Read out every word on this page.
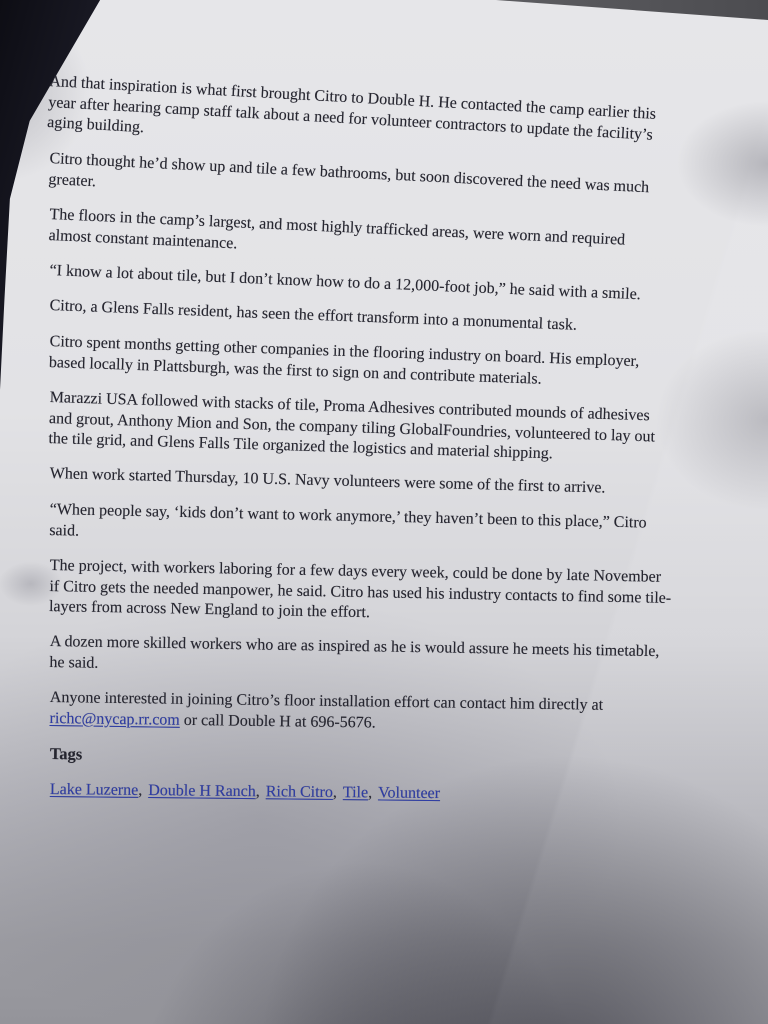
And that inspiration is what first brought Citro to Double H. He contacted the camp earlier this
year after hearing camp staff talk about a need for volunteer contractors to update the facility’s
aging building.

Citro thought he’d show up and tile a few bathrooms, but soon discovered the need was much
greater.

The floors in the camp’s largest, and most highly trafficked areas, were worn and required
almost constant maintenance.

“I know a lot about tile, but I don’t know how to do a 12,000-foot job,” he said with a smile.

Citro, a Glens Falls resident, has seen the effort transform into a monumental task.

Citro spent months getting other companies in the flooring industry on board. His employer,
based locally in Plattsburgh, was the first to sign on and contribute materials.

Marazzi USA followed with stacks of tile, Proma Adhesives contributed mounds of adhesives
and grout, Anthony Mion and Son, the company tiling GlobalFoundries, volunteered to lay out
the tile grid, and Glens Falls Tile organized the logistics and material shipping.

When work started Thursday, 10 U.S. Navy volunteers were some of the first to arrive.

“When people say, ‘kids don’t want to work anymore,’ they haven’t been to this place,” Citro
said.

The project, with workers laboring for a few days every week, could be done by late November
if Citro gets the needed manpower, he said. Citro has used his industry contacts to find some tile-
layers from across New England to join the effort.

A dozen more skilled workers who are as inspired as he is would assure he meets his timetable,
he said.

Anyone interested in joining Citro’s floor installation effort can contact him directly at
richc@nycap.rr.com or call Double H at 696-5676.

Tags

Lake Luzerne, Double H Ranch, Rich Citro, Tile, Volunteer
